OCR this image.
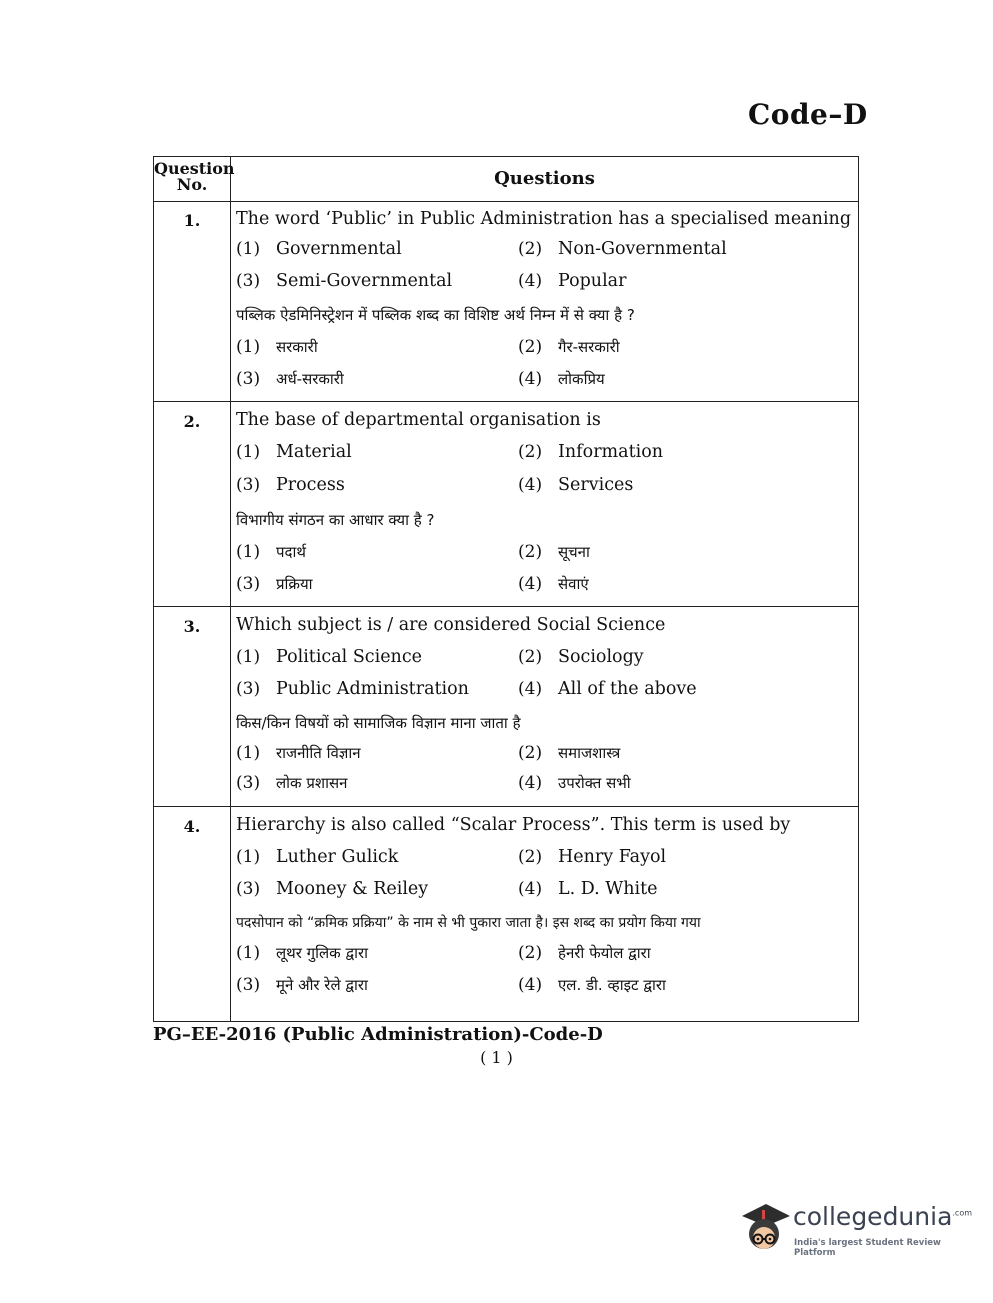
Code–D
Question
No.	Questions
1.	The word ‘Public’ in Public Administration has a specialised meaning
(1) Governmental	(2) Non-Governmental
(3) Semi-Governmental	(4) Popular
पब्लिक ऐडमिनिस्ट्रेशन में पब्लिक शब्द का विशिष्ट अर्थ निम्न में से क्या है ?
(1) सरकारी	(2) गैर-सरकारी
(3) अर्ध-सरकारी	(4) लोकप्रिय
2.	The base of departmental organisation is
(1) Material	(2) Information
(3) Process	(4) Services
विभागीय संगठन का आधार क्या है ?
(1) पदार्थ	(2) सूचना
(3) प्रक्रिया	(4) सेवाएं
3.	Which subject is / are considered Social Science
(1) Political Science	(2) Sociology
(3) Public Administration	(4) All of the above
किस/किन विषयों को सामाजिक विज्ञान माना जाता है
(1) राजनीति विज्ञान	(2) समाजशास्त्र
(3) लोक प्रशासन	(4) उपरोक्त सभी
4.	Hierarchy is also called “Scalar Process”. This term is used by
(1) Luther Gulick	(2) Henry Fayol
(3) Mooney & Reiley	(4) L. D. White
पदसोपान को “क्रमिक प्रक्रिया” के नाम से भी पुकारा जाता है। इस शब्द का प्रयोग किया गया
(1) लूथर गुलिक द्वारा	(2) हेनरी फेयोल द्वारा
(3) मूने और रेले द्वारा	(4) एल. डी. व्हाइट द्वारा
PG–EE-2016 (Public Administration)-Code-D
( 1 )
collegedunia$^{.com}$
India's largest Student Review Platform
